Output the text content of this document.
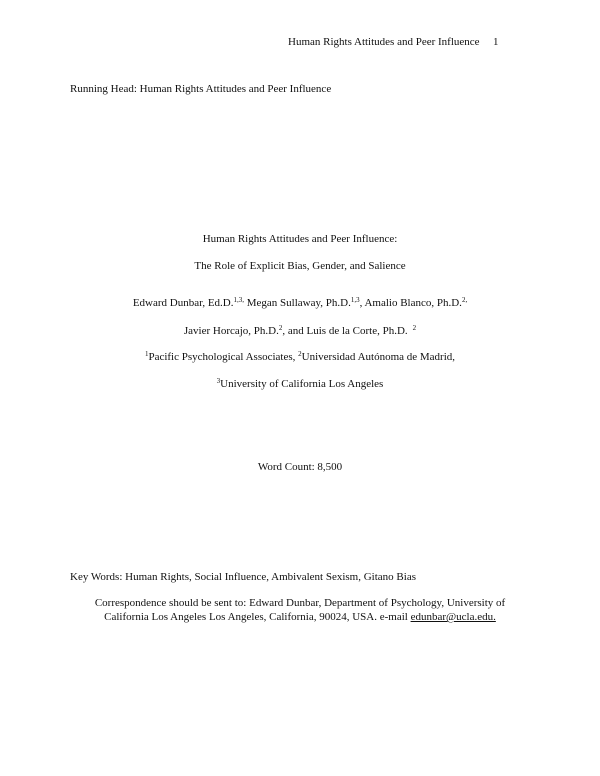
Human Rights Attitudes and Peer Influence 1
Running Head: Human Rights Attitudes and Peer Influence
Human Rights Attitudes and Peer Influence:
The Role of Explicit Bias, Gender, and Salience
Edward Dunbar, Ed.D.$^{1,3,}$ Megan Sullaway, Ph.D.$^{1,3}$, Amalio Blanco, Ph.D.$^{2,}$
Javier Horcajo, Ph.D.$^2$, and Luis de la Corte, Ph.D. $^2$
$^1$Pacific Psychological Associates, $^2$Universidad Autónoma de Madrid,
$^3$University of California Los Angeles
Word Count: 8,500
Key Words: Human Rights, Social Influence, Ambivalent Sexism, Gitano Bias
Correspondence should be sent to: Edward Dunbar, Department of Psychology, University of
California Los Angeles Los Angeles, California, 90024, USA. e-mail edunbar@ucla.edu.
